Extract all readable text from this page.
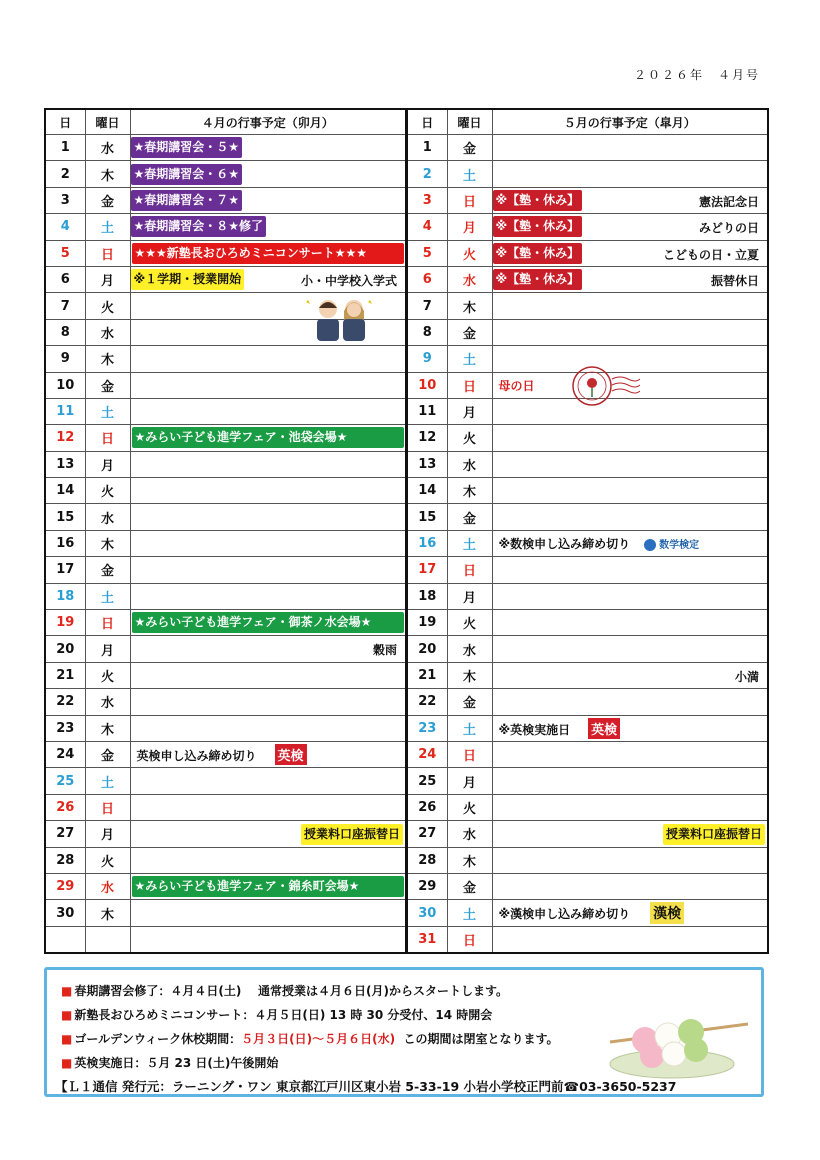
２０２６年　４月号
日	曜日	４月の行事予定（卯月）
1	水	★春期講習会・５★
2	木	★春期講習会・６★
3	金	★春期講習会・７★
4	土	★春期講習会・８★修了
5	日	★★★新塾長おひろめミニコンサート★★★

6	月	※１学期・授業開始 小・中学校入学式

7	火	
8	水	
9	木	
10	金	
11	土	
12	日	★みらい子ども進学フェア・池袋会場★

13	月	
14	火	
15	水	
16	木	
17	金	
18	土	
19	日	★みらい子ども進学フェア・御茶ノ水会場★

20	月	穀雨

21	火	
22	水	
23	木	
24	金	英検申し込み締め切り 英検
25	土	
26	日	
27	月	授業料口座振替日

28	火	
29	水	★みらい子ども進学フェア・錦糸町会場★

30	木	

日	曜日	５月の行事予定（皐月）
1	金	
2	土	
3	日	※【塾・休み】 憲法記念日

4	月	※【塾・休み】 みどりの日

5	火	※【塾・休み】 こどもの日・立夏

6	水	※【塾・休み】 振替休日

7	木	
8	金	
9	土	
10	日	母の日
11	月	
12	火	
13	水	
14	木	
15	金	
16	土	※数検申し込み締め切り 数学検定
17	日	
18	月	
19	火	
20	水	
21	木	小満

22	金	
23	土	※英検実施日 英検
24	日	
25	月	
26	火	
27	水	授業料口座振替日

28	木	
29	金	
30	土	※漢検申し込み締め切り 漢検
31	日	
■ 春期講習会修了：４月４日(土) 通常授業は４月６日(月)からスタートします。
■ 新塾長おひろめミニコンサート：４月５日(日) 13 時 30 分受付、14 時開会
■ ゴールデンウィーク休校期間：５月３日(日)～５月６日(水) この期間は閉室となります。
■ 英検実施日：５月 23 日(土)午後開始
【Ｌ１通信 発行元：ラーニング・ワン 東京都江戸川区東小岩 5-33-19 小岩小学校正門前☎03-3650-5237
